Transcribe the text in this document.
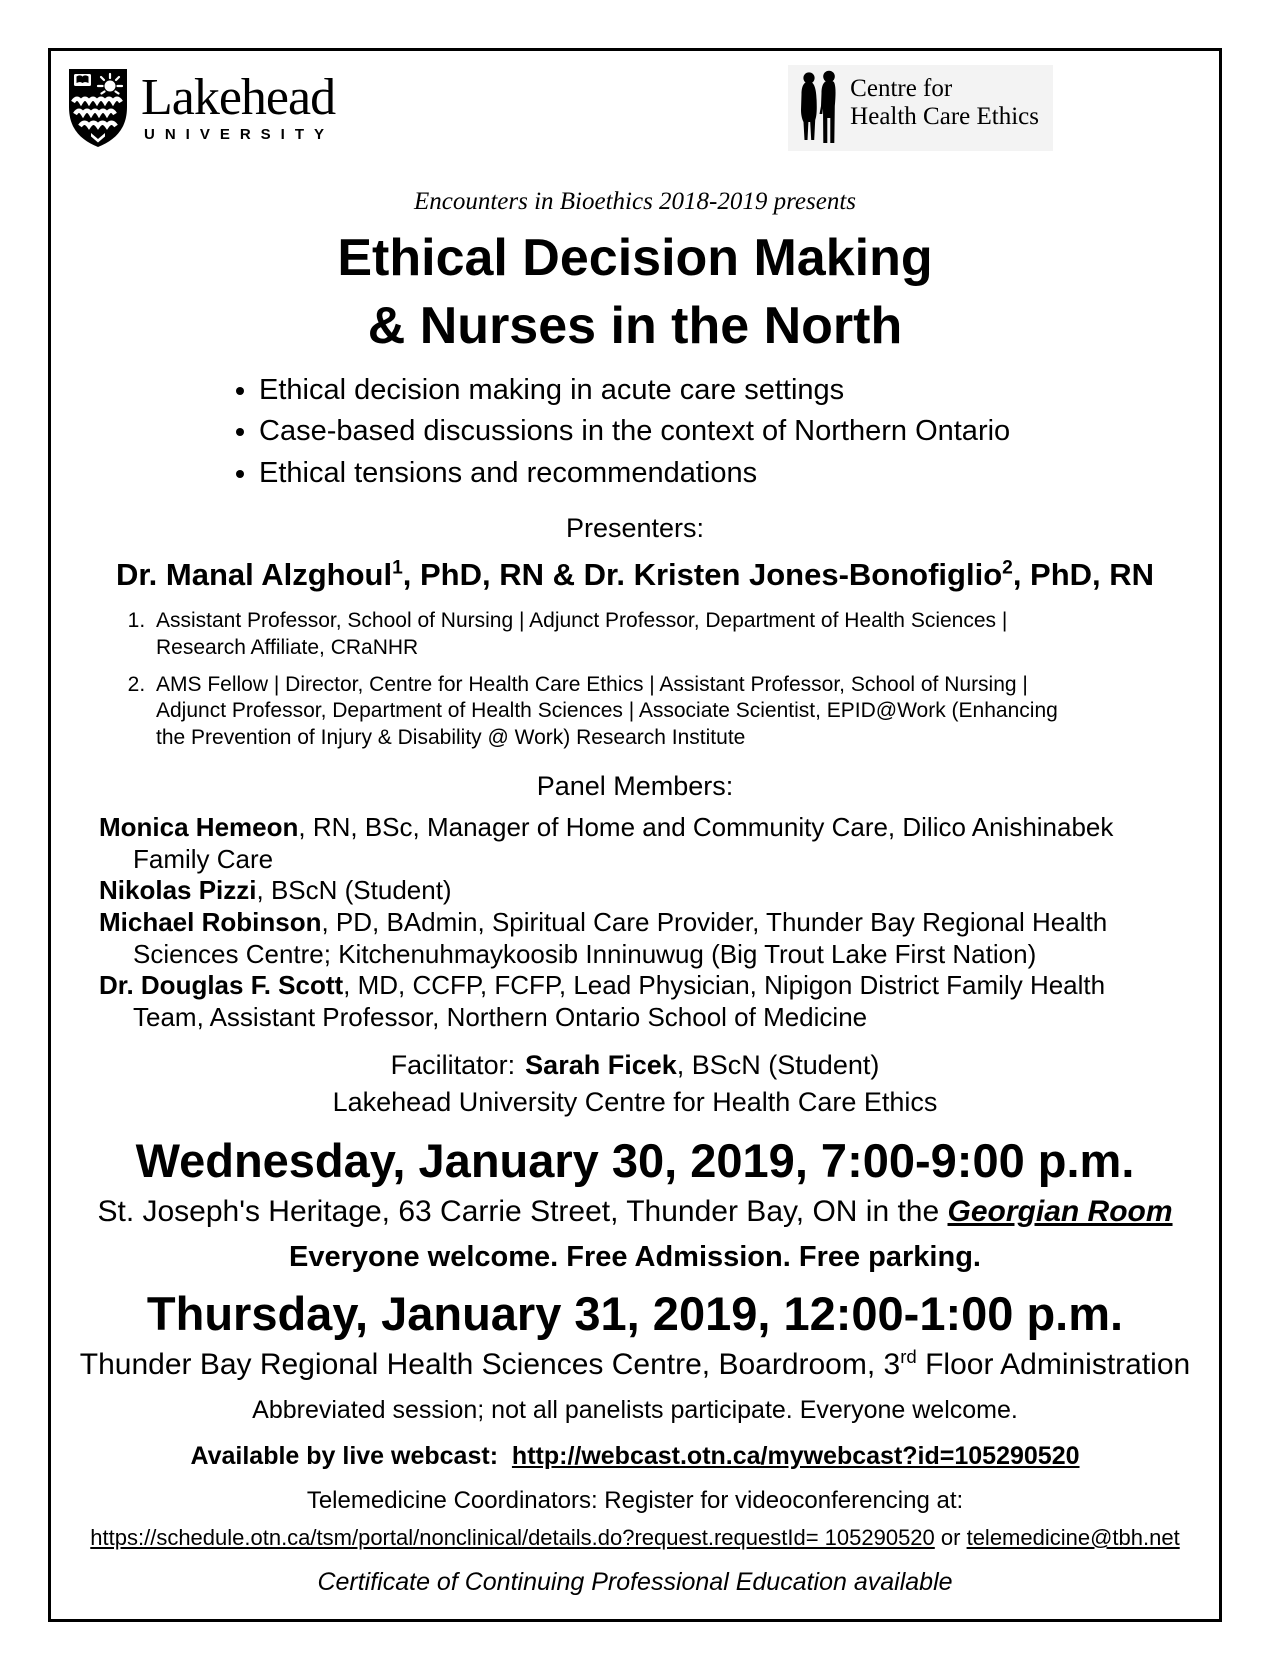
Lakehead
UNIVERSITY
Centre for
Health Care Ethics

Encounters in Bioethics 2018-2019 presents

Ethical Decision Making
& Nurses in the North
• Ethical decision making in acute care settings
• Case-based discussions in the context of Northern Ontario
• Ethical tensions and recommendations

Presenters:

Dr. Manal Alzghoul$^1$, PhD, RN & Dr. Kristen Jones-Bonofiglio$^2$, PhD, RN

1. Assistant Professor, School of Nursing | Adjunct Professor, Department of Health Sciences | Research Affiliate, CRaNHR
2. AMS Fellow | Director, Centre for Health Care Ethics | Assistant Professor, School of Nursing | Adjunct Professor, Department of Health Sciences | Associate Scientist, EPID@Work (Enhancing the Prevention of Injury & Disability @ Work) Research Institute

Panel Members:

Monica Hemeon, RN, BSc, Manager of Home and Community Care, Dilico Anishinabek Family Care

Nikolas Pizzi, BScN (Student)

Michael Robinson, PD, BAdmin, Spiritual Care Provider, Thunder Bay Regional Health Sciences Centre; Kitchenuhmaykoosib Inninuwug (Big Trout Lake First Nation)

Dr. Douglas F. Scott, MD, CCFP, FCFP, Lead Physician, Nipigon District Family Health Team, Assistant Professor, Northern Ontario School of Medicine

Facilitator: Sarah Ficek, BScN (Student)

Lakehead University Centre for Health Care Ethics

Wednesday, January 30, 2019, 7:00-9:00 p.m.

St. Joseph's Heritage, 63 Carrie Street, Thunder Bay, ON in the Georgian Room

Everyone welcome. Free Admission. Free parking.

Thursday, January 31, 2019, 12:00-1:00 p.m.

Thunder Bay Regional Health Sciences Centre, Boardroom, 3rd Floor Administration

Abbreviated session; not all panelists participate. Everyone welcome.

Available by live webcast: http://webcast.otn.ca/mywebcast?id=105290520

Telemedicine Coordinators: Register for videoconferencing at:

https://schedule.otn.ca/tsm/portal/nonclinical/details.do?request.requestId= 105290520 or telemedicine@tbh.net

Certificate of Continuing Professional Education available
